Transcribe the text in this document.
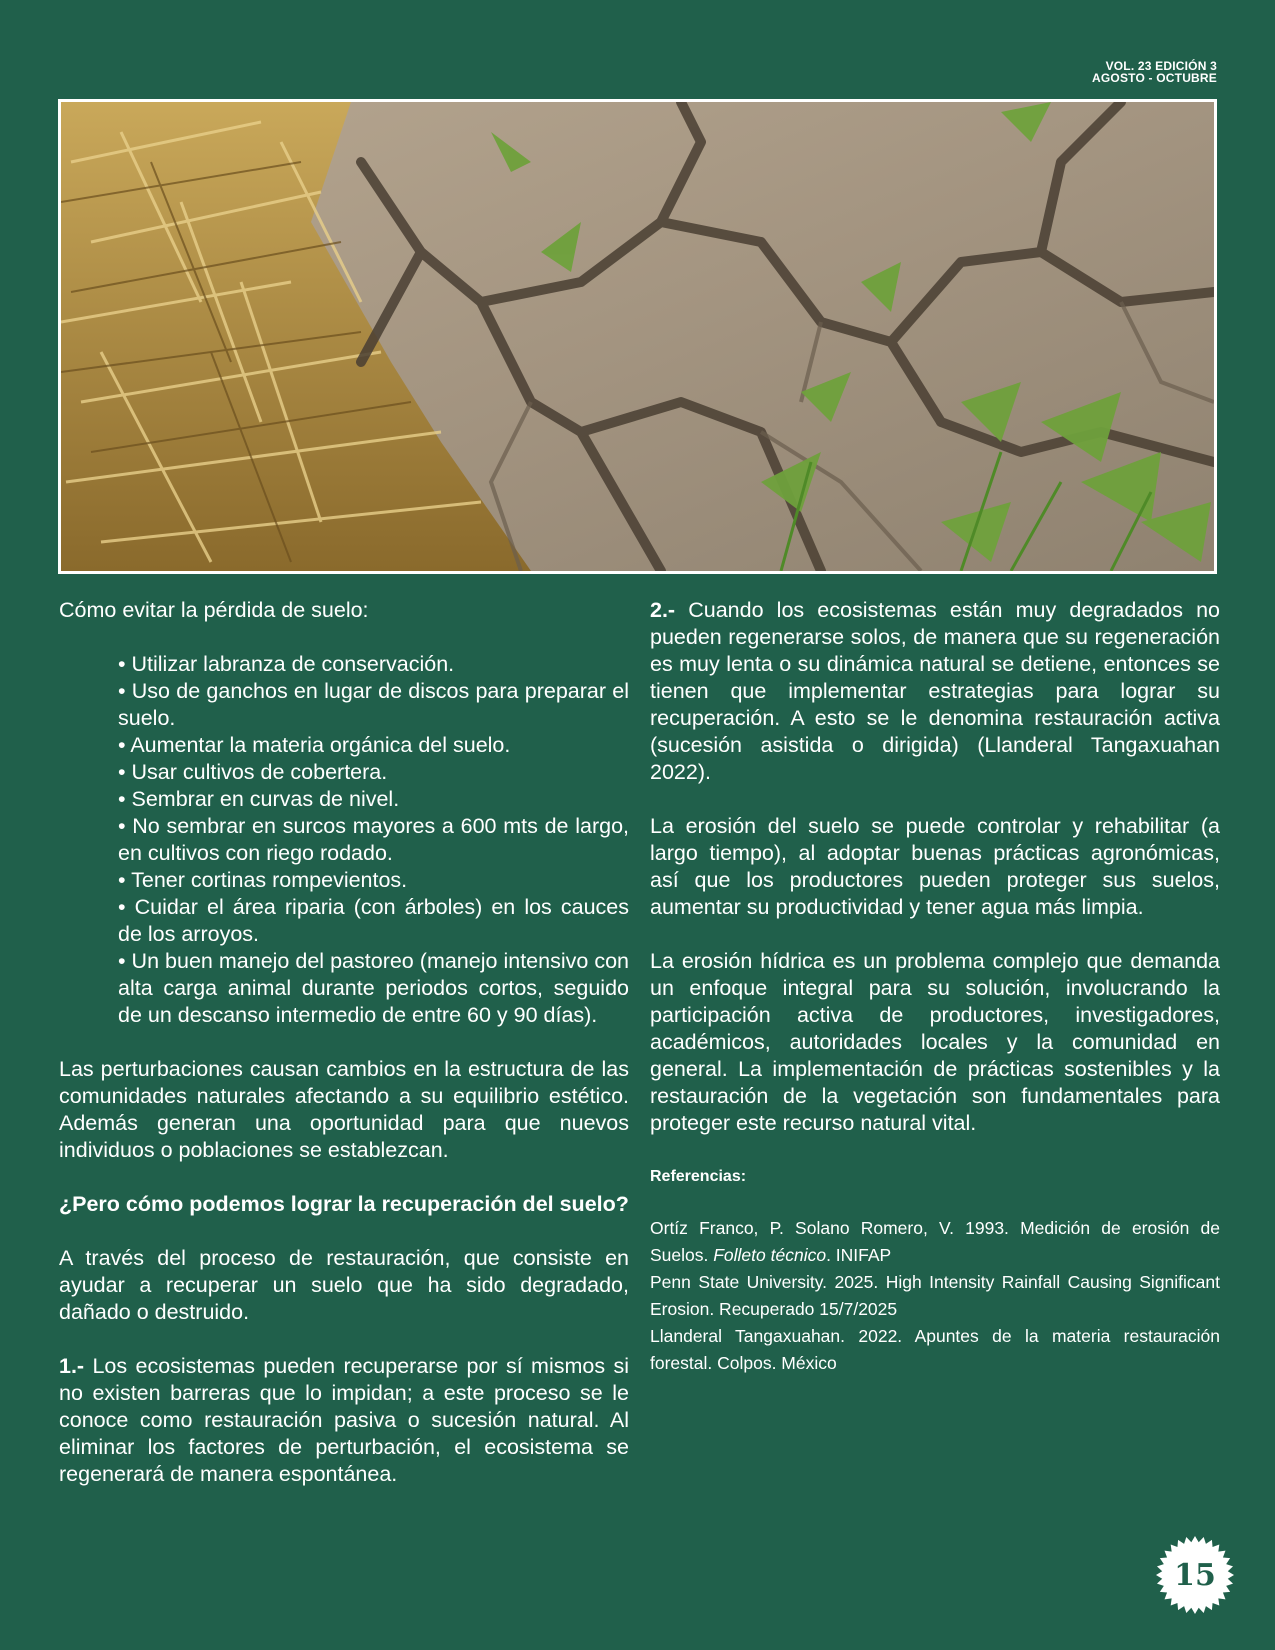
VOL. 23 EDICIÓN 3
AGOSTO - OCTUBRE

Cómo evitar la pérdida de suelo:

• Utilizar labranza de conservación.
• Uso de ganchos en lugar de discos para preparar el suelo.
• Aumentar la materia orgánica del suelo.
• Usar cultivos de cobertera.
• Sembrar en curvas de nivel.
• No sembrar en surcos mayores a 600 mts de largo, en cultivos con riego rodado.
• Tener cortinas rompevientos.
• Cuidar el área riparia (con árboles) en los cauces de los arroyos.
• Un buen manejo del pastoreo (manejo intensivo con alta carga animal durante periodos cortos, seguido de un descanso intermedio de entre 60 y 90 días).

Las perturbaciones causan cambios en la estructura de las comunidades naturales afectando a su equilibrio estético. Además generan una oportunidad para que nuevos individuos o poblaciones se establezcan.

¿Pero cómo podemos lograr la recuperación del suelo?

A través del proceso de restauración, que consiste en ayudar a recuperar un suelo que ha sido degradado, dañado o destruido.

1.- Los ecosistemas pueden recuperarse por sí mismos si no existen barreras que lo impidan; a este proceso se le conoce como restauración pasiva o sucesión natural. Al eliminar los factores de perturbación, el ecosistema se regenerará de manera espontánea.

2.- Cuando los ecosistemas están muy degradados no pueden regenerarse solos, de manera que su regeneración es muy lenta o su dinámica natural se detiene, entonces se tienen que implementar estrategias para lograr su recuperación. A esto se le denomina restauración activa (sucesión asistida o dirigida) (Llanderal Tangaxuahan 2022).

La erosión del suelo se puede controlar y rehabilitar (a largo tiempo), al adoptar buenas prácticas agronómicas, así que los productores pueden proteger sus suelos, aumentar su productividad y tener agua más limpia.

La erosión hídrica es un problema complejo que demanda un enfoque integral para su solución, involucrando la participación activa de productores, investigadores, académicos, autoridades locales y la comunidad en general. La implementación de prácticas sostenibles y la restauración de la vegetación son fundamentales para proteger este recurso natural vital.

Referencias:

Ortíz Franco, P. Solano Romero, V. 1993. Medición de erosión de Suelos. Folleto técnico. INIFAP

Penn State University. 2025. High Intensity Rainfall Causing Significant Erosion. Recuperado 15/7/2025

Llanderal Tangaxuahan. 2022. Apuntes de la materia restauración forestal. Colpos. México

15
